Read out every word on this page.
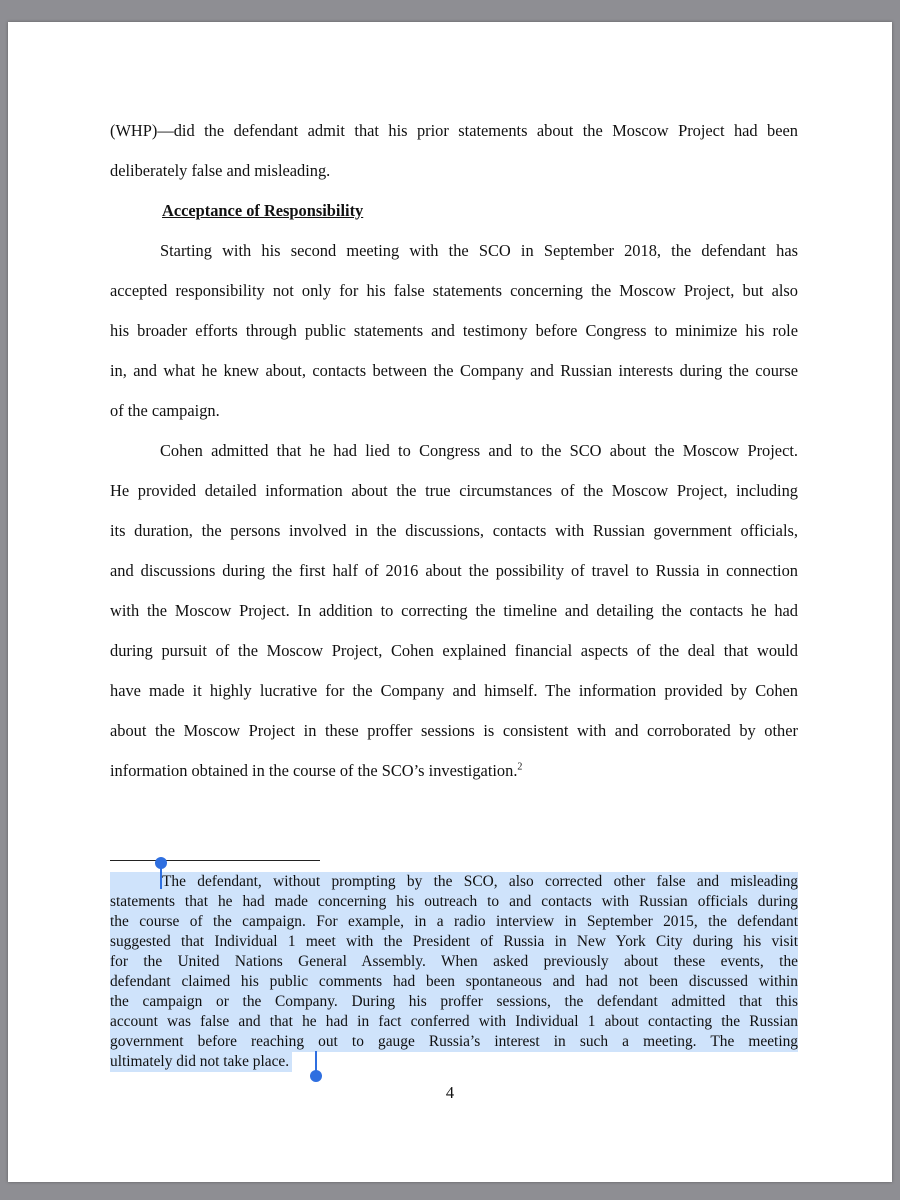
(WHP)—did the defendant admit that his prior statements about the Moscow Project had been
deliberately false and misleading.
Acceptance of Responsibility
Starting with his second meeting with the SCO in September 2018, the defendant has
accepted responsibility not only for his false statements concerning the Moscow Project, but also
his broader efforts through public statements and testimony before Congress to minimize his role
in, and what he knew about, contacts between the Company and Russian interests during the course
of the campaign.
Cohen admitted that he had lied to Congress and to the SCO about the Moscow Project.
He provided detailed information about the true circumstances of the Moscow Project, including
its duration, the persons involved in the discussions, contacts with Russian government officials,
and discussions during the first half of 2016 about the possibility of travel to Russia in connection
with the Moscow Project. In addition to correcting the timeline and detailing the contacts he had
during pursuit of the Moscow Project, Cohen explained financial aspects of the deal that would
have made it highly lucrative for the Company and himself. The information provided by Cohen
about the Moscow Project in these proffer sessions is consistent with and corroborated by other
information obtained in the course of the SCO’s investigation.$^2$
The defendant, without prompting by the SCO, also corrected other false and misleading
statements that he had made concerning his outreach to and contacts with Russian officials during
the course of the campaign. For example, in a radio interview in September 2015, the defendant
suggested that Individual 1 meet with the President of Russia in New York City during his visit
for the United Nations General Assembly. When asked previously about these events, the
defendant claimed his public comments had been spontaneous and had not been discussed within
the campaign or the Company. During his proffer sessions, the defendant admitted that this
account was false and that he had in fact conferred with Individual 1 about contacting the Russian
government before reaching out to gauge Russia’s interest in such a meeting. The meeting
ultimately did not take place.
4
